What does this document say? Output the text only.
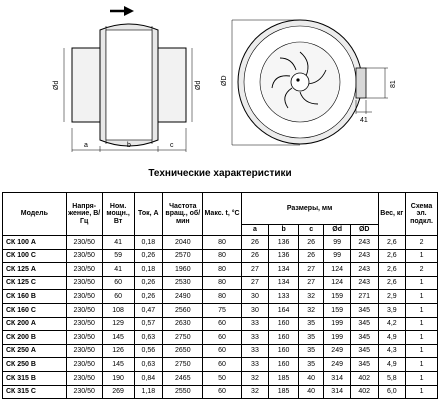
Ød	Ød
a	b	c
ØD	81
41
Технические характеристики
Модель	Напря-жение, В/Гц	Ном. мощн., Вт	Ток, А	Частота вращ., об/мин	Макс. t, °С	Размеры, мм					Вес, кг	Схема эл. подкл.
						a	b	c	Ød	ØD		
СК 100 А	230/50	41	0,18	2040	80	26	136	26	99	243	2,6	2
СК 100 С	230/50	59	0,26	2570	80	26	136	26	99	243	2,6	1
СК 125 А	230/50	41	0,18	1960	80	27	134	27	124	243	2,6	2
СК 125 С	230/50	60	0,26	2530	80	27	134	27	124	243	2,6	1
СК 160 В	230/50	60	0,26	2490	80	30	133	32	159	271	2,9	1
СК 160 С	230/50	108	0,47	2560	75	30	164	32	159	345	3,9	1
СК 200 А	230/50	129	0,57	2630	60	33	160	35	199	345	4,2	1
СК 200 В	230/50	145	0,63	2750	60	33	160	35	199	345	4,9	1
СК 250 А	230/50	126	0,56	2650	60	33	160	35	249	345	4,3	1
СК 250 В	230/50	145	0,63	2750	60	33	160	35	249	345	4,9	1
СК 315 В	230/50	190	0,84	2465	50	32	185	40	314	402	5,8	1
СК 315 С	230/50	269	1,18	2550	60	32	185	40	314	402	6,0	1
